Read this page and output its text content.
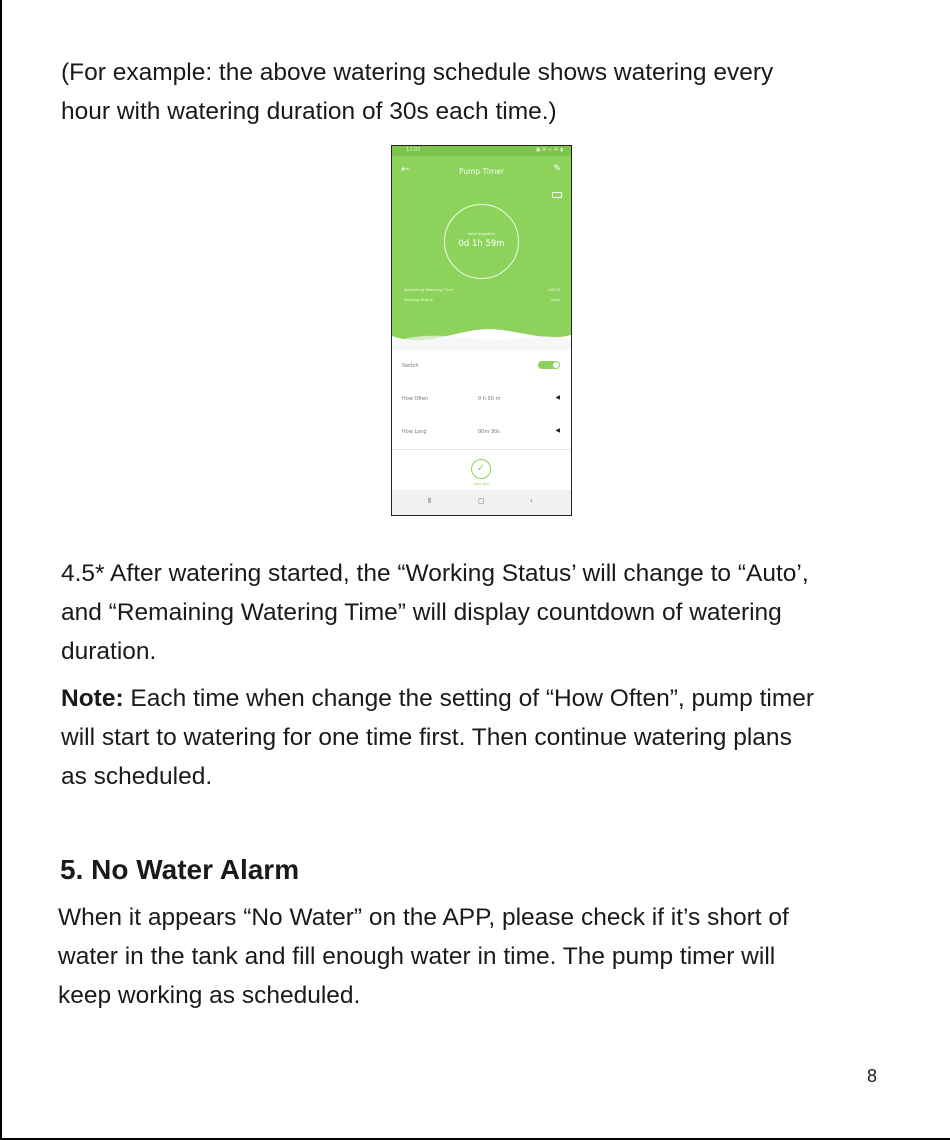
(For example: the above watering schedule shows watering every
hour with watering duration of 30s each time.)

12:02	▣ ✉ ≈ ⁂ ▮
←	Pump Timer	✎
Next Irrigation
0d 1h 59m
Remaining Watering Time	00:29
Working Status	Auto
Switch
How Often	0 h 00 m	◀
How Long	00m 30s	◀
✓
Auto Run
⦀	▢	‹

4.5* After watering started, the “Working Status’ will change to “Auto’,
and “Remaining Watering Time” will display countdown of watering
duration.

Note: Each time when change the setting of “How Often”, pump timer
will start to watering for one time first. Then continue watering plans
as scheduled.

5. No Water Alarm

When it appears “No Water” on the APP, please check if it’s short of
water in the tank and fill enough water in time. The pump timer will
keep working as scheduled.

8
